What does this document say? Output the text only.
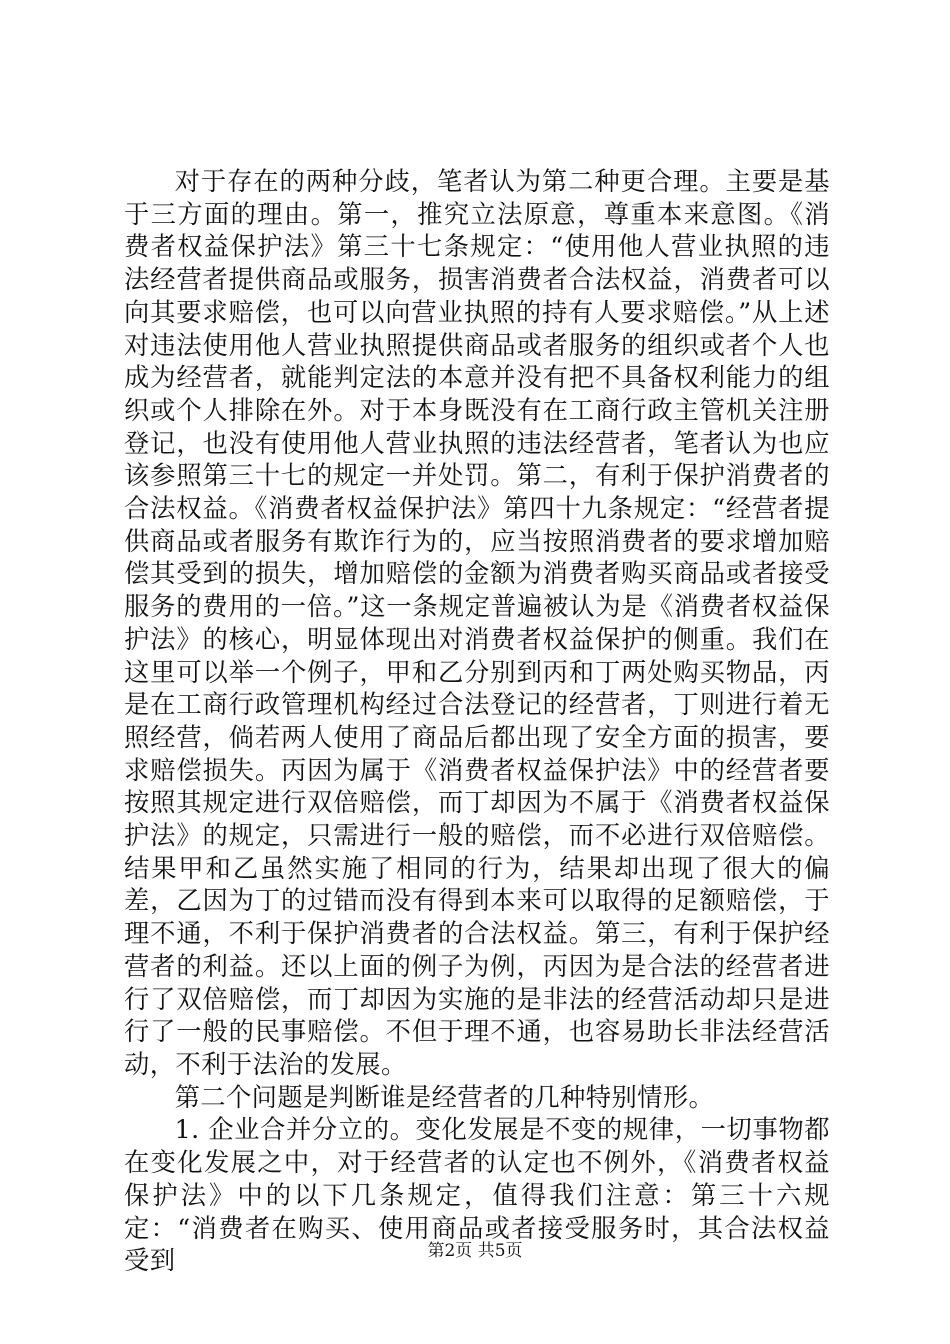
对于存在的两种分歧，笔者认为第二种更合理。主要是基于三方面的理由。第一，推究立法原意，尊重本来意图。《消费者权益保护法》第三十七条规定：“使用他人营业执照的违法经营者提供商品或服务，损害消费者合法权益，消费者可以向其要求赔偿，也可以向营业执照的持有人要求赔偿。”从上述对违法使用他人营业执照提供商品或者服务的组织或者个人也成为经营者，就能判定法的本意并没有把不具备权利能力的组织或个人排除在外。对于本身既没有在工商行政主管机关注册登记，也没有使用他人营业执照的违法经营者，笔者认为也应该参照第三十七的规定一并处罚。第二，有利于保护消费者的合法权益。《消费者权益保护法》第四十九条规定：“经营者提供商品或者服务有欺诈行为的，应当按照消费者的要求增加赔偿其受到的损失，增加赔偿的金额为消费者购买商品或者接受服务的费用的一倍。”这一条规定普遍被认为是《消费者权益保护法》的核心，明显体现出对消费者权益保护的侧重。我们在这里可以举一个例子，甲和乙分别到丙和丁两处购买物品，丙是在工商行政管理机构经过合法登记的经营者，丁则进行着无照经营，倘若两人使用了商品后都出现了安全方面的损害，要求赔偿损失。丙因为属于《消费者权益保护法》中的经营者要按照其规定进行双倍赔偿，而丁却因为不属于《消费者权益保护法》的规定，只需进行一般的赔偿，而不必进行双倍赔偿。结果甲和乙虽然实施了相同的行为，结果却出现了很大的偏差，乙因为丁的过错而没有得到本来可以取得的足额赔偿，于理不通，不利于保护消费者的合法权益。第三，有利于保护经营者的利益。还以上面的例子为例，丙因为是合法的经营者进行了双倍赔偿，而丁却因为实施的是非法的经营活动却只是进行了一般的民事赔偿。不但于理不通，也容易助长非法经营活动，不利于法治的发展。

第二个问题是判断谁是经营者的几种特别情形。

1. 企业合并分立的。变化发展是不变的规律，一切事物都在变化发展之中，对于经营者的认定也不例外，《消费者权益保护法》中的以下几条规定，值得我们注意：第三十六规定：“消费者在购买、使用商品或者接受服务时，其合法权益受到	第2页 共5页
